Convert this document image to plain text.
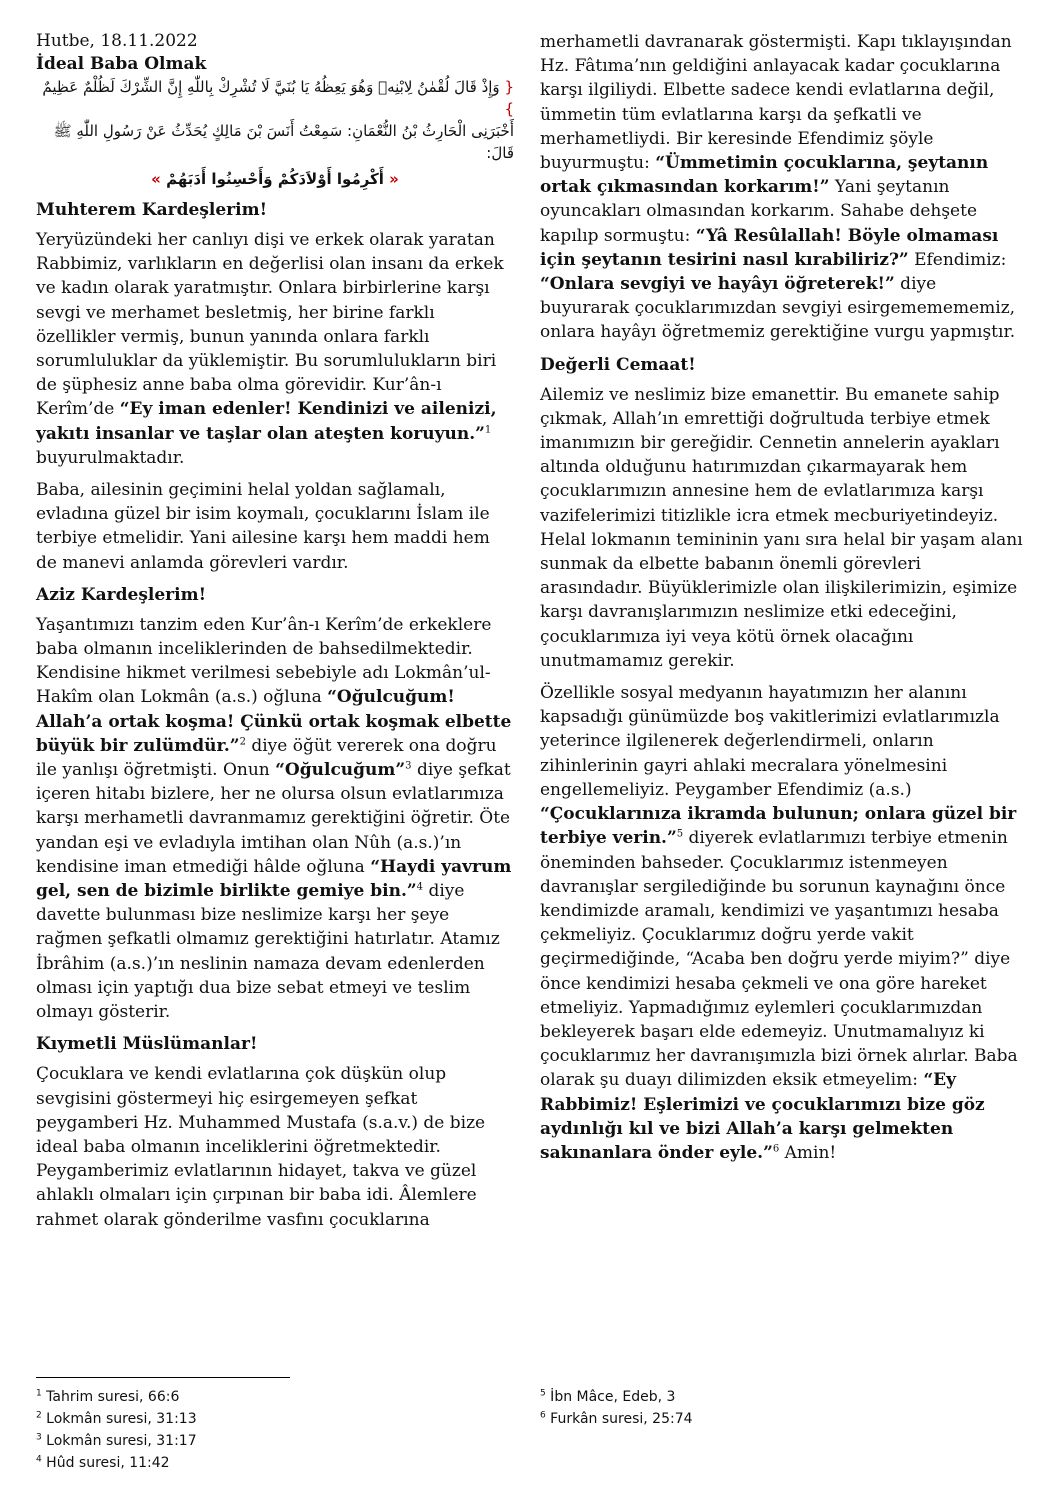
Hutbe, 18.11.2022
İdeal Baba Olmak

{ وَإِذْ قَالَ لُقْمٰنُ لِابْنِهٖ وَهُوَ يَعِظُهُ يَا بُنَيَّ لَا تُشْرِكْ بِاللّٰهِ إِنَّ الشِّرْكَ لَظُلْمٌ عَظِيمٌ }

أَخْبَرَنِى الْحَارِثُ بْنُ النُّعْمَانِ: سَمِعْتُ أَنَسَ بْنَ مَالِكٍ يُحَدِّثُ عَنْ رَسُولِ اللّٰهِ ﷺ قَالَ:

« أَكْرِمُوا أَوْلاَدَكُمْ وَأَحْسِنُوا أَدَبَهُمْ »

Muhterem Kardeşlerim!

Yeryüzündeki her canlıyı dişi ve erkek olarak yaratan Rabbimiz, varlıkların en değerlisi olan insanı da erkek ve kadın olarak yaratmıştır. Onlara birbirlerine karşı sevgi ve merhamet besletmiş, her birine farklı özellikler vermiş, bunun yanında onlara farklı sorumluluklar da yüklemiştir. Bu sorumlulukların biri de şüphesiz anne baba olma görevidir. Kur’ân-ı Kerîm’de “Ey iman edenler! Kendinizi ve ailenizi, yakıtı insanlar ve taşlar olan ateşten koruyun.”$^1$ buyurulmaktadır.

Baba, ailesinin geçimini helal yoldan sağlamalı, evladına güzel bir isim koymalı, çocuklarını İslam ile terbiye etmelidir. Yani ailesine karşı hem maddi hem de manevi anlamda görevleri vardır.

Aziz Kardeşlerim!

Yaşantımızı tanzim eden Kur’ân-ı Kerîm’de erkeklere baba olmanın inceliklerinden de bahsedilmektedir. Kendisine hikmet verilmesi sebebiyle adı Lokmân’ul-Hakîm olan Lokmân (a.s.) oğluna “Oğulcuğum! Allah’a ortak koşma! Çünkü ortak koşmak elbette büyük bir zulümdür.”$^2$ diye öğüt vererek ona doğru ile yanlışı öğretmişti. Onun “Oğulcuğum”$^3$ diye şefkat içeren hitabı bizlere, her ne olursa olsun evlatlarımıza karşı merhametli davranmamız gerektiğini öğretir. Öte yandan eşi ve evladıyla imtihan olan Nûh (a.s.)’ın kendisine iman etmediği hâlde oğluna “Haydi yavrum gel, sen de bizimle birlikte gemiye bin.”$^4$ diye davette bulunması bize neslimize karşı her şeye rağmen şefkatli olmamız gerektiğini hatırlatır. Atamız İbrâhim (a.s.)’ın neslinin namaza devam edenlerden olması için yaptığı dua bize sebat etmeyi ve teslim olmayı gösterir.

Kıymetli Müslümanlar!

Çocuklara ve kendi evlatlarına çok düşkün olup sevgisini göstermeyi hiç esirgemeyen şefkat peygamberi Hz. Muhammed Mustafa (s.a.v.) de bize ideal baba olmanın inceliklerini öğretmektedir. Peygamberimiz evlatlarının hidayet, takva ve güzel ahlaklı olmaları için çırpınan bir baba idi. Âlemlere rahmet olarak gönderilme vasfını çocuklarına

merhametli davranarak göstermişti. Kapı tıklayışından Hz. Fâtıma’nın geldiğini anlayacak kadar çocuklarına karşı ilgiliydi. Elbette sadece kendi evlatlarına değil, ümmetin tüm evlatlarına karşı da şefkatli ve merhametliydi. Bir keresinde Efendimiz şöyle buyurmuştu: “Ümmetimin çocuklarına, şeytanın ortak çıkmasından korkarım!” Yani şeytanın oyuncakları olmasından korkarım. Sahabe dehşete kapılıp sormuştu: “Yâ Resûlallah! Böyle olmaması için şeytanın tesirini nasıl kırabiliriz?” Efendimiz: “Onlara sevgiyi ve hayâyı öğreterek!” diye buyurarak çocuklarımızdan sevgiyi esirgememememiz, onlara hayâyı öğretmemiz gerektiğine vurgu yapmıştır.

Değerli Cemaat!

Ailemiz ve neslimiz bize emanettir. Bu emanete sahip çıkmak, Allah’ın emrettiği doğrultuda terbiye etmek imanımızın bir gereğidir. Cennetin annelerin ayakları altında olduğunu hatırımızdan çıkarmayarak hem çocuklarımızın annesine hem de evlatlarımıza karşı vazifelerimizi titizlikle icra etmek mecburiyetindeyiz. Helal lokmanın temininin yanı sıra helal bir yaşam alanı sunmak da elbette babanın önemli görevleri arasındadır. Büyüklerimizle olan ilişkilerimizin, eşimize karşı davranışlarımızın neslimize etki edeceğini, çocuklarımıza iyi veya kötü örnek olacağını unutmamamız gerekir.

Özellikle sosyal medyanın hayatımızın her alanını kapsadığı günümüzde boş vakitlerimizi evlatlarımızla yeterince ilgilenerek değerlendirmeli, onların zihinlerinin gayri ahlaki mecralara yönelmesini engellemeliyiz. Peygamber Efendimiz (a.s.) “Çocuklarınıza ikramda bulunun; onlara güzel bir terbiye verin.”$^5$ diyerek evlatlarımızı terbiye etmenin öneminden bahseder. Çocuklarımız istenmeyen davranışlar sergilediğinde bu sorunun kaynağını önce kendimizde aramalı, kendimizi ve yaşantımızı hesaba çekmeliyiz. Çocuklarımız doğru yerde vakit geçirmediğinde, “Acaba ben doğru yerde miyim?” diye önce kendimizi hesaba çekmeli ve ona göre hareket etmeliyiz. Yapmadığımız eylemleri çocuklarımızdan bekleyerek başarı elde edemeyiz. Unutmamalıyız ki çocuklarımız her davranışımızla bizi örnek alırlar. Baba olarak şu duayı dilimizden eksik etmeyelim: “Ey Rabbimiz! Eşlerimizi ve çocuklarımızı bize göz aydınlığı kıl ve bizi Allah’a karşı gelmekten sakınanlara önder eyle.”$^6$ Amin!

$^1$ Tahrim suresi, 66:6
$^2$ Lokmân suresi, 31:13
$^3$ Lokmân suresi, 31:17
$^4$ Hûd suresi, 11:42
$^5$ İbn Mâce, Edeb, 3
$^6$ Furkân suresi, 25:74
